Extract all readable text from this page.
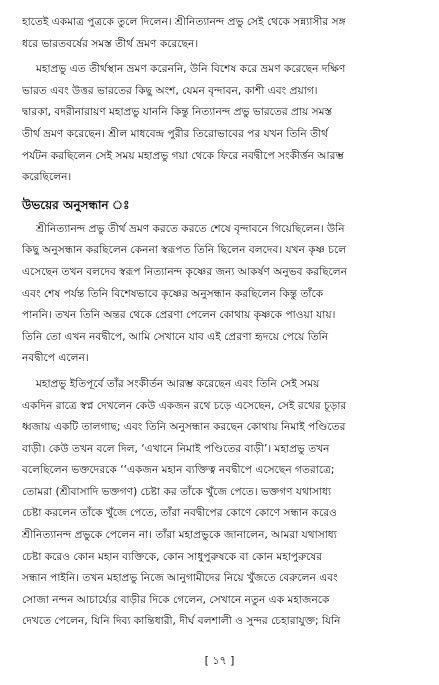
হাতেই একমাত্র পুত্রকে তুলে দিলেন। শ্রীনিত্যানন্দ প্রভু সেই থেকে সন্ন্যাসীর সঙ্গ

ধরে ভারতবর্ষের সমস্ত তীর্থ ভ্রমণ করেছেন।

মহাপ্রভু এত তীর্থস্থান ভ্রমণ করেননি, উনি বিশেষ করে ভ্রমণ করেছেন দক্ষিণ

ভারত এবং উত্তর ভারতের কিছু অংশ, যেমন বৃন্দাবন, কাশী এবং প্রয়াগ।

দ্বারকা, বদরীনারায়ণ মহাপ্রভু যাননি কিন্তু নিত্যানন্দ প্রভু ভারতের প্রায় সমস্ত

তীর্থ ভ্রমণ করেছেন। শ্রীল মাধবেন্দ্র পুরীর তিরোভাবের পর যখন তিনি তীর্থ

পর্যটন করছিলেন সেই সময় মহাপ্রভু গয়া থেকে ফিরে নবদ্বীপে সংকীর্ত্তন আরম্ভ

করেছিলেন।

উভয়ের অনুসন্ধান ঃ

শ্রীনিত্যানন্দ প্রভু তীর্থ ভ্রমণ করতে করতে শেষে বৃন্দাবনে গিয়েছিলেন। উনি

কিছু অনুসন্ধান করছিলেন কেননা স্বরূপত তিনি ছিলেন বলদেব। যখন কৃষ্ণ চলে

এসেছেন তখন বলদেব স্বরূপ নিত্যানন্দ কৃষ্ণের জন্য আকর্ষণ অনুভব করছিলেন

এবং শেষ পর্যন্ত তিনি বিশেষভাবে কৃষ্ণের অনুসন্ধান করছিলেন কিন্তু তাঁকে

পাননি। তখন তিনি অন্তর থেকে প্রেরণা পেলেন কোথায় কৃষ্ণকে পাওয়া যায়।

তিনি তো এখন নবদ্বীপে, আমি সেখানে যাব এই প্রেরণা হৃদয়ে পেয়ে তিনি

নবদ্বীপে এলেন।

মহাপ্রভু ইতিপূর্বে তাঁর সংকীর্তন আরম্ভ করেছেন এবং তিনি সেই সময়

একদিন রাত্রে স্বপ্ন দেখলেন কেউ একজন রথে চড়ে এসেছেন, সেই রথের চূড়ার

ধ্বজায় একটি তালগাছ; এবং তিনি অনুসন্ধান করছেন কোথায় নিমাই পণ্ডিতের

বাড়ী। কেউ তখন বলে দিল, ‘এখানে নিমাই পণ্ডিতের বাড়ী’। মহাপ্রভু তখন

বলেছিলেন ভক্তদেরকে ‘‘একজন মহান ব্যক্তিত্ব নবদ্বীপে এসেছেন গতরাত্রে;

তোমরা (শ্রীবাসাদি ভক্তগণ) চেষ্টা কর তাঁকে খুঁজে পেতে। ভক্তগণ যথাসাধ্য

চেষ্টা করলেন তাঁকে খুঁজে পেতে, তাঁরা নবদ্বীপের কোণে কোণে সন্ধান করেও

শ্রীনিত্যানন্দ প্রভুকে পেলেন না। তাঁরা মহাপ্রভুকে জানালেন, আমরা যথাসাধ্য

চেষ্টা করেও কোন মহান ব্যক্তিকে, কোন সাধুপুরুষকে বা কোন মহাপুরুষের

সন্ধান পাইনি। তখন মহাপ্রভু নিজে আনুগামীদের নিয়ে খুঁজতে বেরুলেন এবং

সোজা নন্দন আচার্য্যের বাড়ীর দিকে গেলেন, সেখানে নতুন এক মহাজনকে

দেখতে পেলেন, যিনি দিব্য কান্তিধারী, দীর্ঘ বলশালী ও সুন্দর চেহারাযুক্ত; যিনি

[ ১৭ ]
